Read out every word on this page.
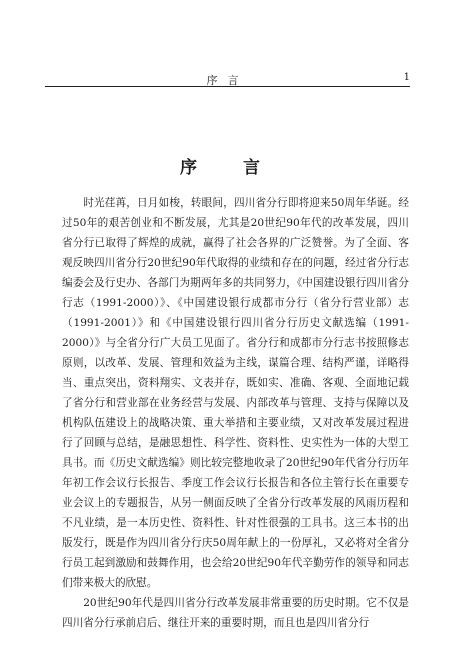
序言	1
序 言

时光荏苒，日月如梭，转眼间，四川省分行即将迎来50周年华诞。经过50年的艰苦创业和不断发展，尤其是20世纪90年代的改革发展，四川省分行已取得了辉煌的成就，赢得了社会各界的广泛赞誉。为了全面、客观反映四川省分行20世纪90年代取得的业绩和存在的问题，经过省分行志编委会及行史办、各部门为期两年多的共同努力，《中国建设银行四川省分行志（1991-2000）》、《中国建设银行成都市分行（省分行营业部）志（1991-2001）》和《中国建设银行四川省分行历史文献选编（1991-2000）》与全省分行广大员工见面了。省分行和成都市分行志书按照修志原则，以改革、发展、管理和效益为主线，谋篇合理、结构严谨，详略得当、重点突出，资料翔实、文表并存，既如实、准确、客观、全面地记载了省分行和营业部在业务经营与发展、内部改革与管理、支持与保障以及机构队伍建设上的战略决策、重大举措和主要业绩，又对改革发展过程进行了回顾与总结，是融思想性、科学性、资料性、史实性为一体的大型工具书。而《历史文献选编》则比较完整地收录了20世纪90年代省分行历年年初工作会议行长报告、季度工作会议行长报告和各位主管行长在重要专业会议上的专题报告，从另一侧面反映了全省分行改革发展的风雨历程和不凡业绩，是一本历史性、资料性、针对性很强的工具书。这三本书的出版发行，既是作为四川省分行庆50周年献上的一份厚礼，又必将对全省分行员工起到激励和鼓舞作用，也会给20世纪90年代辛勤劳作的领导和同志们带来极大的欣慰。

20世纪90年代是四川省分行改革发展非常重要的历史时期。它不仅是四川省分行承前启后、继往开来的重要时期，而且也是四川省分行
